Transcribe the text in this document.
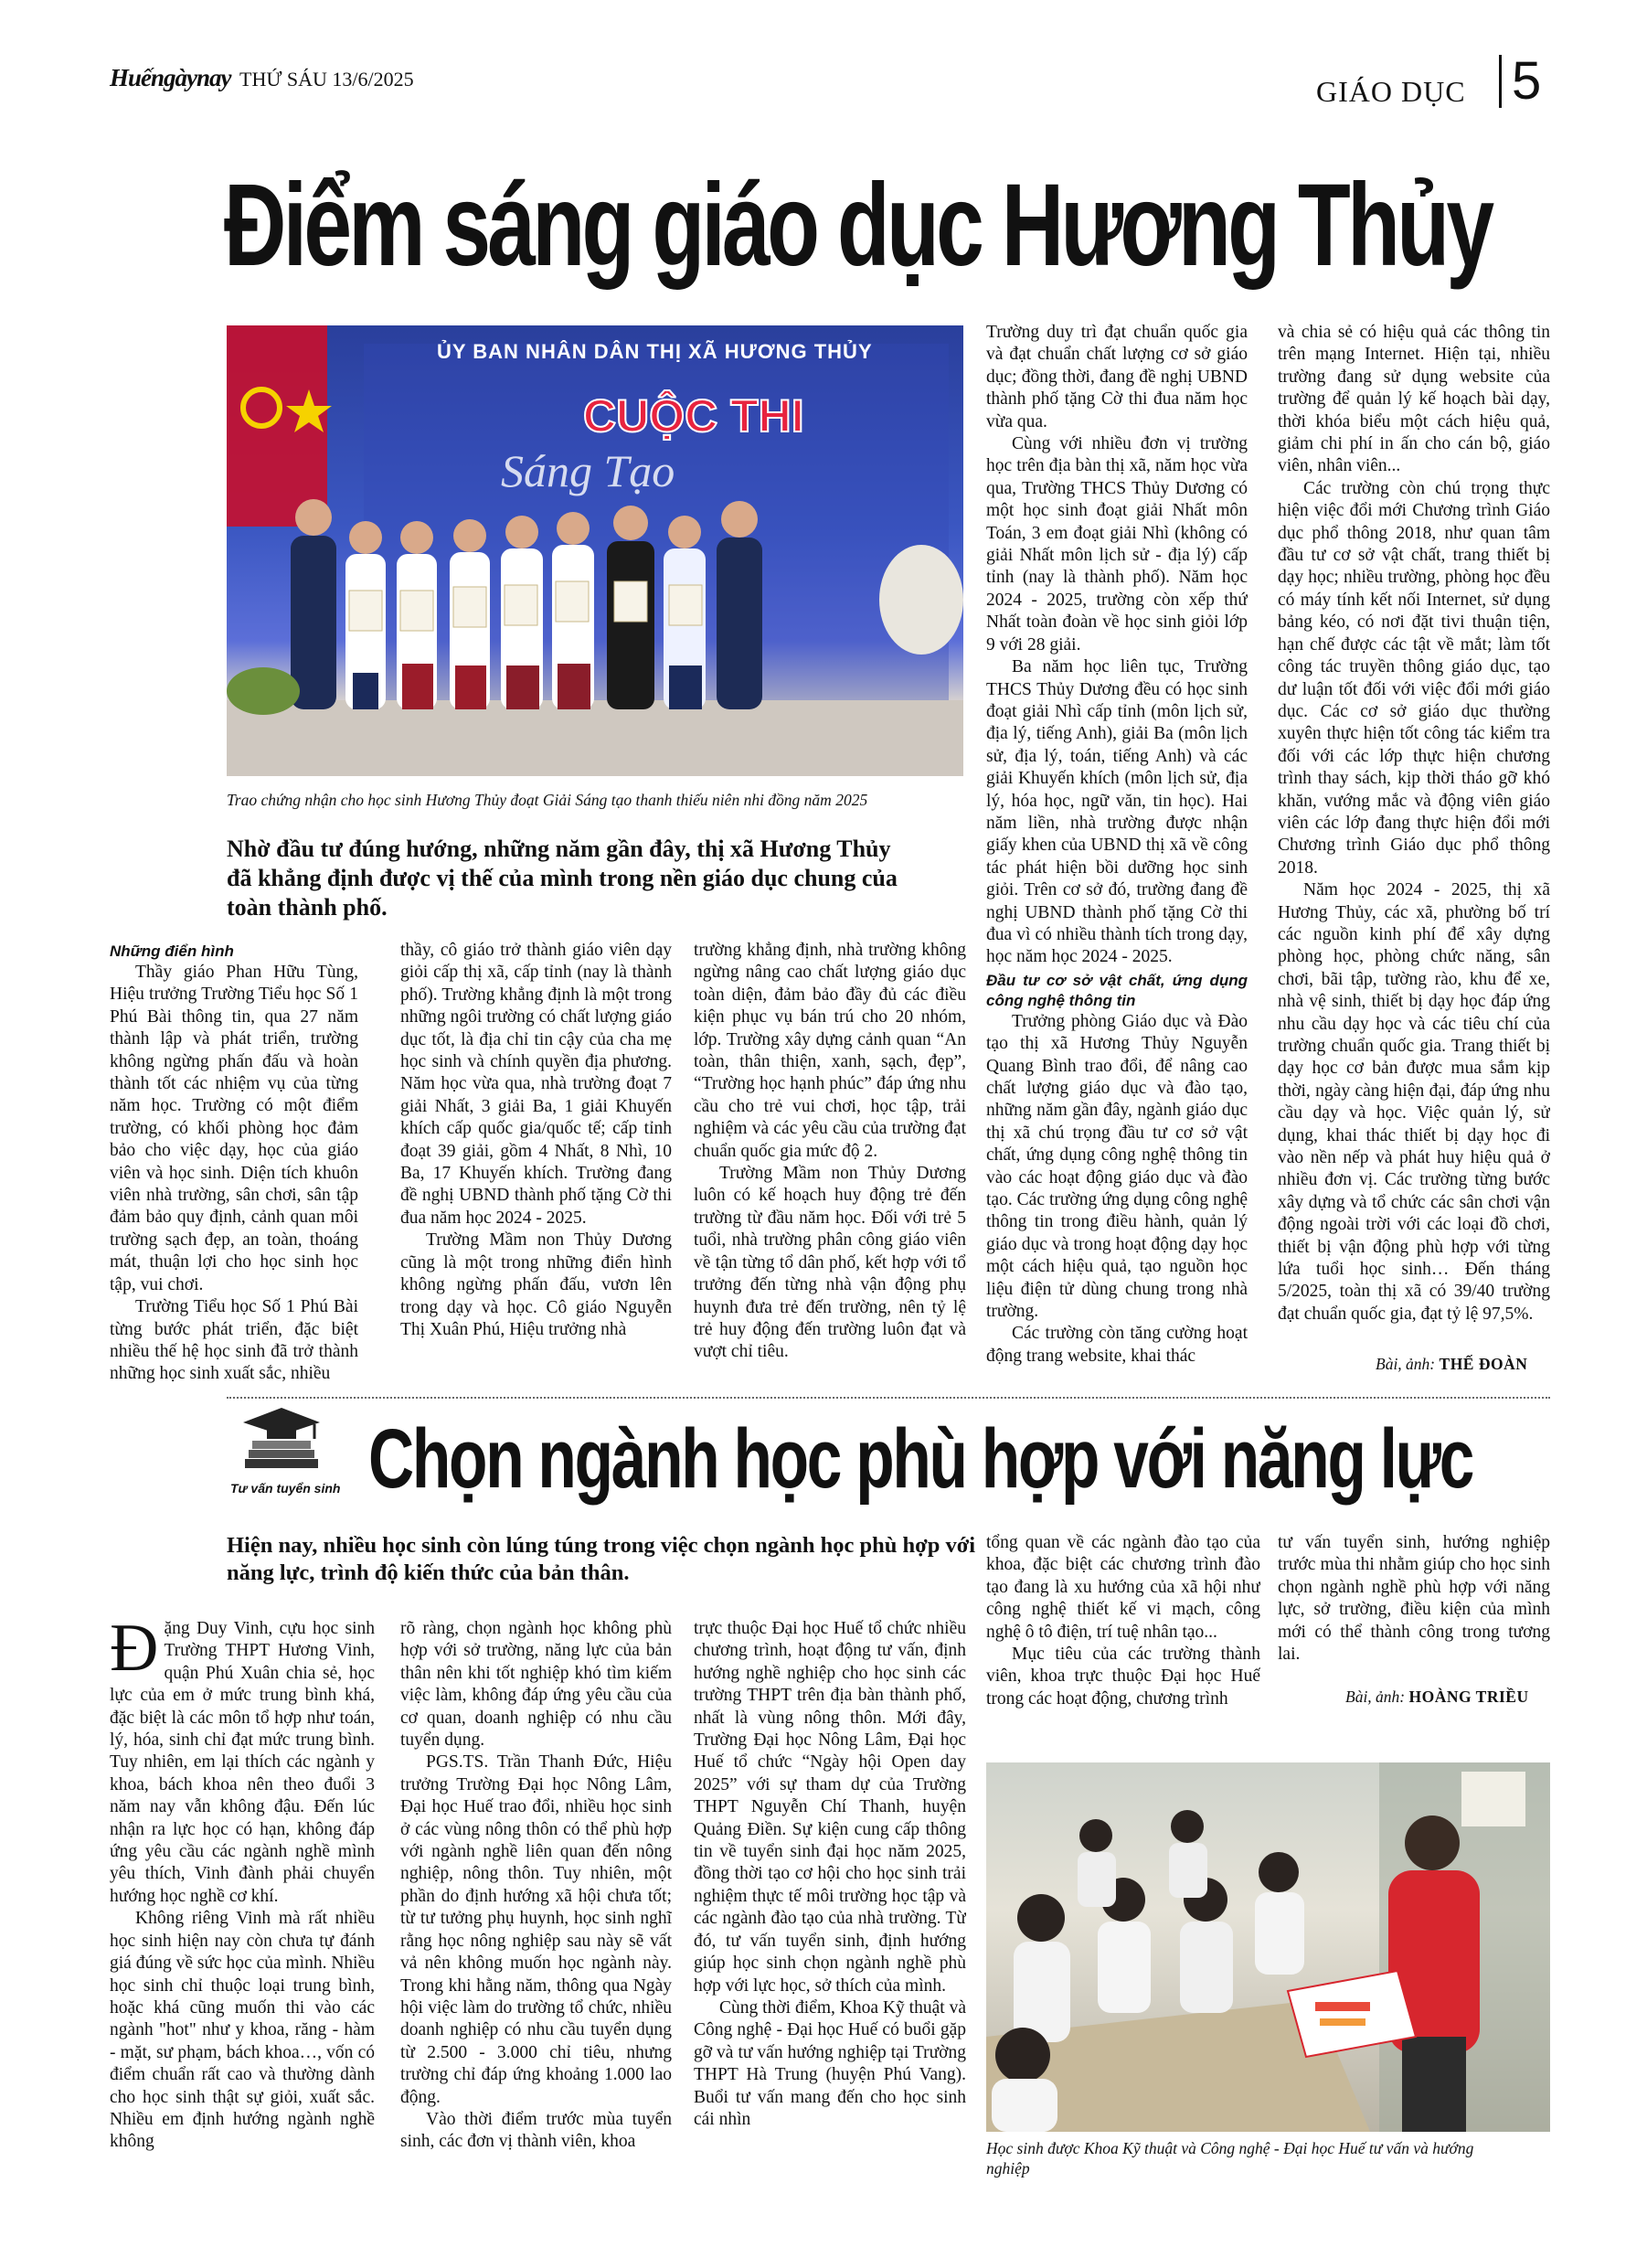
Huếngàynay THỨ SÁU 13/6/2025	GIÁO DỤC 5
Điểm sáng giáo dục Hương Thủy
ỦY BAN NHÂN DÂN THỊ XÃ HƯƠNG THỦY
CUỘC THI
Sáng Tạo
Trao chứng nhận cho học sinh Hương Thủy đoạt Giải Sáng tạo thanh thiếu niên nhi đồng năm 2025
Nhờ đầu tư đúng hướng, những năm gần đây, thị xã Hương Thủy đã khẳng định được vị thế của mình trong nền giáo dục chung của toàn thành phố.
Những điển hình

Thầy giáo Phan Hữu Tùng, Hiệu trưởng Trường Tiểu học Số 1 Phú Bài thông tin, qua 27 năm thành lập và phát triển, trường không ngừng phấn đấu và hoàn thành tốt các nhiệm vụ của từng năm học. Trường có một điểm trường, có khối phòng học đảm bảo cho việc dạy, học của giáo viên và học sinh. Diện tích khuôn viên nhà trường, sân chơi, sân tập đảm bảo quy định, cảnh quan môi trường sạch đẹp, an toàn, thoáng mát, thuận lợi cho học sinh học tập, vui chơi.

Trường Tiểu học Số 1 Phú Bài từng bước phát triển, đặc biệt nhiều thế hệ học sinh đã trở thành những học sinh xuất sắc, nhiều

thầy, cô giáo trở thành giáo viên dạy giỏi cấp thị xã, cấp tỉnh (nay là thành phố). Trường khẳng định là một trong những ngôi trường có chất lượng giáo dục tốt, là địa chỉ tin cậy của cha mẹ học sinh và chính quyền địa phương. Năm học vừa qua, nhà trường đoạt 7 giải Nhất, 3 giải Ba, 1 giải Khuyến khích cấp quốc gia/quốc tế; cấp tỉnh đoạt 39 giải, gồm 4 Nhất, 8 Nhì, 10 Ba, 17 Khuyến khích. Trường đang đề nghị UBND thành phố tặng Cờ thi đua năm học 2024 - 2025.

Trường Mầm non Thủy Dương cũng là một trong những điển hình không ngừng phấn đấu, vươn lên trong dạy và học. Cô giáo Nguyễn Thị Xuân Phú, Hiệu trưởng nhà

trường khẳng định, nhà trường không ngừng nâng cao chất lượng giáo dục toàn diện, đảm bảo đầy đủ các điều kiện phục vụ bán trú cho 20 nhóm, lớp. Trường xây dựng cảnh quan “An toàn, thân thiện, xanh, sạch, đẹp”, “Trường học hạnh phúc” đáp ứng nhu cầu cho trẻ vui chơi, học tập, trải nghiệm và các yêu cầu của trường đạt chuẩn quốc gia mức độ 2.

Trường Mầm non Thủy Dương luôn có kế hoạch huy động trẻ đến trường từ đầu năm học. Đối với trẻ 5 tuổi, nhà trường phân công giáo viên về tận từng tổ dân phố, kết hợp với tổ trưởng đến từng nhà vận động phụ huynh đưa trẻ đến trường, nên tỷ lệ trẻ huy động đến trường luôn đạt và vượt chỉ tiêu.

Trường duy trì đạt chuẩn quốc gia và đạt chuẩn chất lượng cơ sở giáo dục; đồng thời, đang đề nghị UBND thành phố tặng Cờ thi đua năm học vừa qua.

Cùng với nhiều đơn vị trường học trên địa bàn thị xã, năm học vừa qua, Trường THCS Thủy Dương có một học sinh đoạt giải Nhất môn Toán, 3 em đoạt giải Nhì (không có giải Nhất môn lịch sử - địa lý) cấp tỉnh (nay là thành phố). Năm học 2024 - 2025, trường còn xếp thứ Nhất toàn đoàn về học sinh giỏi lớp 9 với 28 giải.

Ba năm học liên tục, Trường THCS Thủy Dương đều có học sinh đoạt giải Nhì cấp tỉnh (môn lịch sử, địa lý, tiếng Anh), giải Ba (môn lịch sử, địa lý, toán, tiếng Anh) và các giải Khuyến khích (môn lịch sử, địa lý, hóa học, ngữ văn, tin học). Hai năm liền, nhà trường được nhận giấy khen của UBND thị xã về công tác phát hiện bồi dưỡng học sinh giỏi. Trên cơ sở đó, trường đang đề nghị UBND thành phố tặng Cờ thi đua vì có nhiều thành tích trong dạy, học năm học 2024 - 2025.

Đầu tư cơ sở vật chất, ứng dụng công nghệ thông tin

Trưởng phòng Giáo dục và Đào tạo thị xã Hương Thủy Nguyễn Quang Bình trao đổi, để nâng cao chất lượng giáo dục và đào tạo, những năm gần đây, ngành giáo dục thị xã chú trọng đầu tư cơ sở vật chất, ứng dụng công nghệ thông tin vào các hoạt động giáo dục và đào tạo. Các trường ứng dụng công nghệ thông tin trong điều hành, quản lý giáo dục và trong hoạt động dạy học một cách hiệu quả, tạo nguồn học liệu điện tử dùng chung trong nhà trường.

Các trường còn tăng cường hoạt động trang website, khai thác

và chia sẻ có hiệu quả các thông tin trên mạng Internet. Hiện tại, nhiều trường đang sử dụng website của trường để quản lý kế hoạch bài dạy, thời khóa biểu một cách hiệu quả, giảm chi phí in ấn cho cán bộ, giáo viên, nhân viên...

Các trường còn chú trọng thực hiện việc đổi mới Chương trình Giáo dục phổ thông 2018, như quan tâm đầu tư cơ sở vật chất, trang thiết bị dạy học; nhiều trường, phòng học đều có máy tính kết nối Internet, sử dụng bảng kéo, có nơi đặt tivi thuận tiện, hạn chế được các tật về mắt; làm tốt công tác truyền thông giáo dục, tạo dư luận tốt đối với việc đổi mới giáo dục. Các cơ sở giáo dục thường xuyên thực hiện tốt công tác kiểm tra đối với các lớp thực hiện chương trình thay sách, kịp thời tháo gỡ khó khăn, vướng mắc và động viên giáo viên các lớp đang thực hiện đổi mới Chương trình Giáo dục phổ thông 2018.

Năm học 2024 - 2025, thị xã Hương Thủy, các xã, phường bố trí các nguồn kinh phí để xây dựng phòng học, phòng chức năng, sân chơi, bãi tập, tường rào, khu để xe, nhà vệ sinh, thiết bị dạy học đáp ứng nhu cầu dạy học và các tiêu chí của trường chuẩn quốc gia. Trang thiết bị dạy học cơ bản được mua sắm kịp thời, ngày càng hiện đại, đáp ứng nhu cầu dạy và học. Việc quản lý, sử dụng, khai thác thiết bị dạy học đi vào nền nếp và phát huy hiệu quả ở nhiều đơn vị. Các trường từng bước xây dựng và tổ chức các sân chơi vận động ngoài trời với các loại đồ chơi, thiết bị vận động phù hợp với từng lứa tuổi học sinh… Đến tháng 5/2025, toàn thị xã có 39/40 trường đạt chuẩn quốc gia, đạt tỷ lệ 97,5%.

Bài, ảnh: THẾ ĐOÀN
Tư vấn tuyển sinh Chọn ngành học phù hợp với năng lực
Hiện nay, nhiều học sinh còn lúng túng trong việc chọn ngành học phù hợp với năng lực, trình độ kiến thức của bản thân.
Đ ặng Duy Vinh, cựu học sinh Trường THPT Hương Vinh, quận Phú Xuân chia sẻ, học lực của em ở mức trung bình khá, đặc biệt là các môn tổ hợp như toán, lý, hóa, sinh chỉ đạt mức trung bình. Tuy nhiên, em lại thích các ngành y khoa, bách khoa nên theo đuổi 3 năm nay vẫn không đậu. Đến lúc nhận ra lực học có hạn, không đáp ứng yêu cầu các ngành nghề mình yêu thích, Vinh đành phải chuyển hướng học nghề cơ khí.

Không riêng Vinh mà rất nhiều học sinh hiện nay còn chưa tự đánh giá đúng về sức học của mình. Nhiều học sinh chỉ thuộc loại trung bình, hoặc khá cũng muốn thi vào các ngành "hot" như y khoa, răng - hàm - mặt, sư phạm, bách khoa…, vốn có điểm chuẩn rất cao và thường dành cho học sinh thật sự giỏi, xuất sắc. Nhiều em định hướng ngành nghề không

rõ ràng, chọn ngành học không phù hợp với sở trường, năng lực của bản thân nên khi tốt nghiệp khó tìm kiếm việc làm, không đáp ứng yêu cầu của cơ quan, doanh nghiệp có nhu cầu tuyển dụng.

PGS.TS. Trần Thanh Đức, Hiệu trưởng Trường Đại học Nông Lâm, Đại học Huế trao đổi, nhiều học sinh ở các vùng nông thôn có thể phù hợp với ngành nghề liên quan đến nông nghiệp, nông thôn. Tuy nhiên, một phần do định hướng xã hội chưa tốt; từ tư tưởng phụ huynh, học sinh nghĩ rằng học nông nghiệp sau này sẽ vất vả nên không muốn học ngành này. Trong khi hằng năm, thông qua Ngày hội việc làm do trường tổ chức, nhiều doanh nghiệp có nhu cầu tuyển dụng từ 2.500 - 3.000 chỉ tiêu, nhưng trường chỉ đáp ứng khoảng 1.000 lao động.

Vào thời điểm trước mùa tuyển sinh, các đơn vị thành viên, khoa

trực thuộc Đại học Huế tổ chức nhiều chương trình, hoạt động tư vấn, định hướng nghề nghiệp cho học sinh các trường THPT trên địa bàn thành phố, nhất là vùng nông thôn. Mới đây, Trường Đại học Nông Lâm, Đại học Huế tổ chức “Ngày hội Open day 2025” với sự tham dự của Trường THPT Nguyễn Chí Thanh, huyện Quảng Điền. Sự kiện cung cấp thông tin về tuyển sinh đại học năm 2025, đồng thời tạo cơ hội cho học sinh trải nghiệm thực tế môi trường học tập và các ngành đào tạo của nhà trường. Từ đó, tư vấn tuyển sinh, định hướng giúp học sinh chọn ngành nghề phù hợp với lực học, sở thích của mình.

Cùng thời điểm, Khoa Kỹ thuật và Công nghệ - Đại học Huế có buổi gặp gỡ và tư vấn hướng nghiệp tại Trường THPT Hà Trung (huyện Phú Vang). Buổi tư vấn mang đến cho học sinh cái nhìn

tổng quan về các ngành đào tạo của khoa, đặc biệt các chương trình đào tạo đang là xu hướng của xã hội như công nghệ thiết kế vi mạch, công nghệ ô tô điện, trí tuệ nhân tạo...

Mục tiêu của các trường thành viên, khoa trực thuộc Đại học Huế trong các hoạt động, chương trình

tư vấn tuyển sinh, hướng nghiệp trước mùa thi nhằm giúp cho học sinh chọn ngành nghề phù hợp với năng lực, sở trường, điều kiện của mình mới có thể thành công trong tương lai.

Bài, ảnh: HOÀNG TRIỀU
Học sinh được Khoa Kỹ thuật và Công nghệ - Đại học Huế tư vấn và hướng nghiệp
